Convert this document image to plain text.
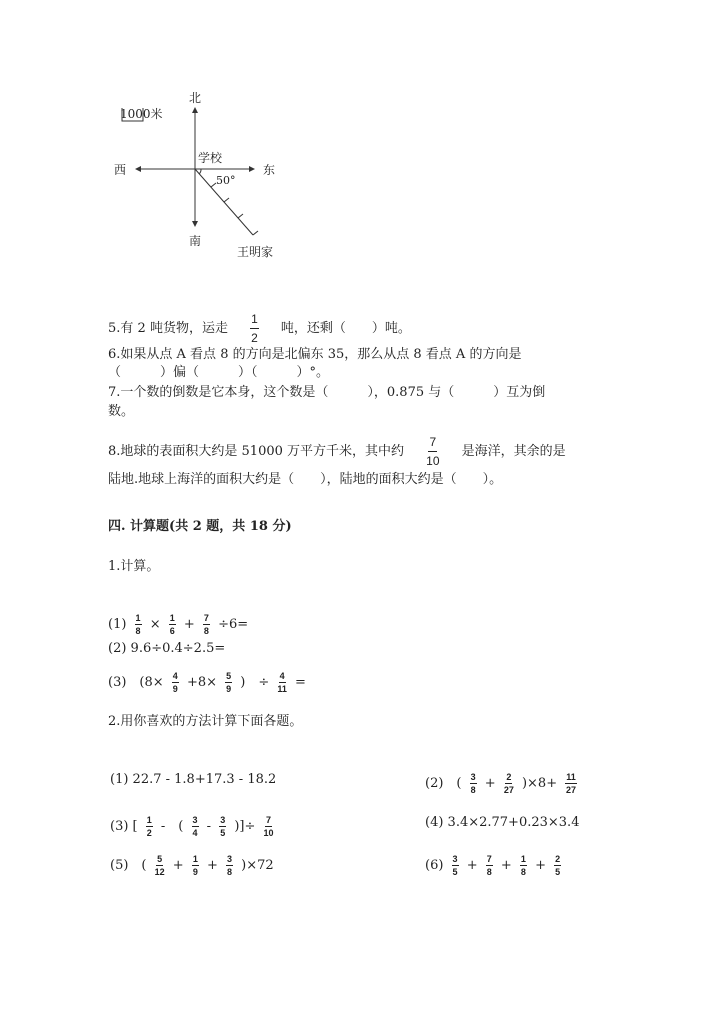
1000米
北
南
西	东
学校
50°
王明家
5.有 2 吨货物，运走 $\frac{1}{2}$ 吨，还剩（　　）吨。
6.如果从点 A 看点 8 的方向是北偏东 35，那么从点 8 看点 A 的方向是
（　　　）偏（　　　）（　　　）°。
7.一个数的倒数是它本身，这个数是（　　　），0.875 与（　　　）互为倒
数。
8.地球的表面积大约是 51000 万平方千米，其中约 $\frac{7}{10}$ 是海洋，其余的是
陆地.地球上海洋的面积大约是（　　），陆地的面积大约是（　　）。
四. 计算题(共 2 题，共 18 分)
1.计算。
$(1) \frac{1}{8} \times \frac{1}{6} + \frac{7}{8} \div 6=$
(2) 9.6÷0.4÷2.5=
(3)　($8\times \frac{4}{9} +8\times \frac{5}{9}$ )　÷ $\frac{4}{11}$ =
2.用你喜欢的方法计算下面各题。
(1) 22.7 - 1.8+17.3 - 18.2	(2)　( $\frac{3}{8} + \frac{2}{27} )\times 8+ \frac{11}{27}$
(3) [ $\frac{1}{2}$ -　( $\frac{3}{4} - \frac{3}{5}$ )]÷ $\frac{7}{10}$	(4) 3.4×2.77+0.23×3.4
(5)　( $\frac{5}{12} + \frac{1}{9} + \frac{3}{8} )\times 72$	$(6) \frac{3}{5} + \frac{7}{8} + \frac{1}{8} + \frac{2}{5}$
